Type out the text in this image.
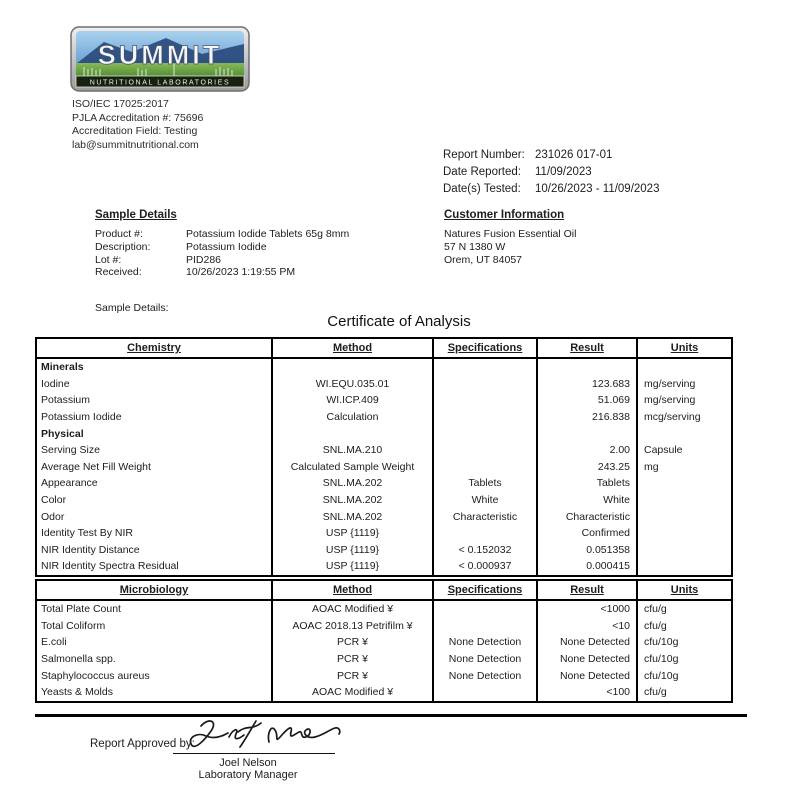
SUMMIT
NUTRITIONAL LABORATORIES
ISO/IEC 17025:2017
PJLA Accreditation #: 75696
Accreditation Field: Testing
lab@summitnutritional.com
Report Number: 231026 017-01
Date Reported:	11/09/2023
Date(s) Tested:	10/26/2023 - 11/09/2023
Sample Details
Product #:	Potassium Iodide Tablets 65g 8mm
Description:	Potassium Iodide
Lot #:	PID286
Received:	10/26/2023 1:19:55 PM
Sample Details:
Customer Information
Natures Fusion Essential Oil
57 N 1380 W
Orem, UT 84057
Certificate of Analysis
Chemistry	Method	Specifications	Result	Units
Minerals				
Iodine	WI.EQU.035.01		123.683	mg/serving
Potassium	WI.ICP.409		51.069	mg/serving
Potassium Iodide	Calculation		216.838	mcg/serving
Physical				
Serving Size	SNL.MA.210		2.00	Capsule
Average Net Fill Weight	Calculated Sample Weight		243.25	mg
Appearance	SNL.MA.202	Tablets	Tablets	
Color	SNL.MA.202	White	White	
Odor	SNL.MA.202	Characteristic	Characteristic	
Identity Test By NIR	USP {1119}		Confirmed	
NIR Identity Distance	USP {1119}	< 0.152032	0.051358	
NIR Identity Spectra Residual	USP {1119}	< 0.000937	0.000415	
Microbiology	Method	Specifications	Result	Units
Total Plate Count	AOAC Modified ¥		<1000	cfu/g
Total Coliform	AOAC 2018.13 Petrifilm ¥		<10	cfu/g
E.coli	PCR ¥	None Detection	None Detected	cfu/10g
Salmonella spp.	PCR ¥	None Detection	None Detected	cfu/10g
Staphylococcus aureus	PCR ¥	None Detection	None Detected	cfu/10g
Yeasts & Molds	AOAC Modified ¥		<100	cfu/g
Report Approved by:
Joel Nelson
Laboratory Manager
